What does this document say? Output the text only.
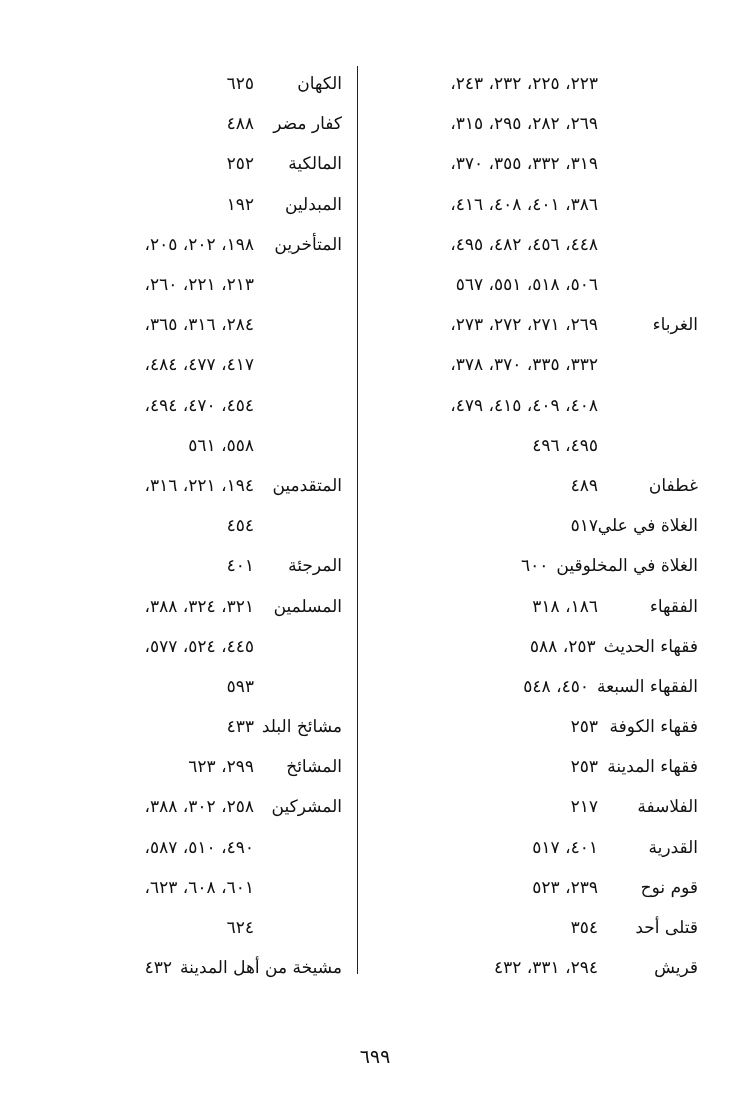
٢٢٣، ٢٢٥، ٢٣٢، ٢٤٣،
٢٦٩، ٢٨٢، ٢٩٥، ٣١٥،
٣١٩، ٣٣٢، ٣٥٥، ٣٧٠،
٣٨٦، ٤٠١، ٤٠٨، ٤١٦،
٤٤٨، ٤٥٦، ٤٨٢، ٤٩٥،
٥٠٦، ٥١٨، ٥٥١، ٥٦٧
الغرباء
٢٦٩، ٢٧١، ٢٧٢، ٢٧٣،
٣٣٢، ٣٣٥، ٣٧٠، ٣٧٨،
٤٠٨، ٤٠٩، ٤١٥، ٤٧٩،
٤٩٥، ٤٩٦
غطفان
٤٨٩
الغلاة في علي
٥١٧
الغلاة في المخلوقين
٦٠٠
الفقهاء
١٨٦، ٣١٨
فقهاء الحديث
٢٥٣، ٥٨٨
الفقهاء السبعة
٤٥٠، ٥٤٨
فقهاء الكوفة
٢٥٣
فقهاء المدينة
٢٥٣
الفلاسفة
٢١٧
القدرية
٤٠١، ٥١٧
قوم نوح
٢٣٩، ٥٢٣
قتلى أحد
٣٥٤
قريش
٢٩٤، ٣٣١، ٤٣٢
الكهان
٦٢٥
كفار مضر
٤٨٨
المالكية
٢٥٢
المبدلين
١٩٢
المتأخرين
١٩٨، ٢٠٢، ٢٠٥،
٢١٣، ٢٢١، ٢٦٠،
٢٨٤، ٣١٦، ٣٦٥،
٤١٧، ٤٧٧، ٤٨٤،
٤٥٤، ٤٧٠، ٤٩٤،
٥٥٨، ٥٦١
المتقدمين
١٩٤، ٢٢١، ٣١٦،
٤٥٤
المرجئة
٤٠١
المسلمين
٣٢١، ٣٢٤، ٣٨٨،
٤٤٥، ٥٢٤، ٥٧٧،
٥٩٣
مشائخ البلد
٤٣٣
المشائخ
٢٩٩، ٦٢٣
المشركين
٢٥٨، ٣٠٢، ٣٨٨،
٤٩٠، ٥١٠، ٥٨٧،
٦٠١، ٦٠٨، ٦٢٣،
٦٢٤
مشيخة من أهل المدينة
٤٣٢
٦٩٩
